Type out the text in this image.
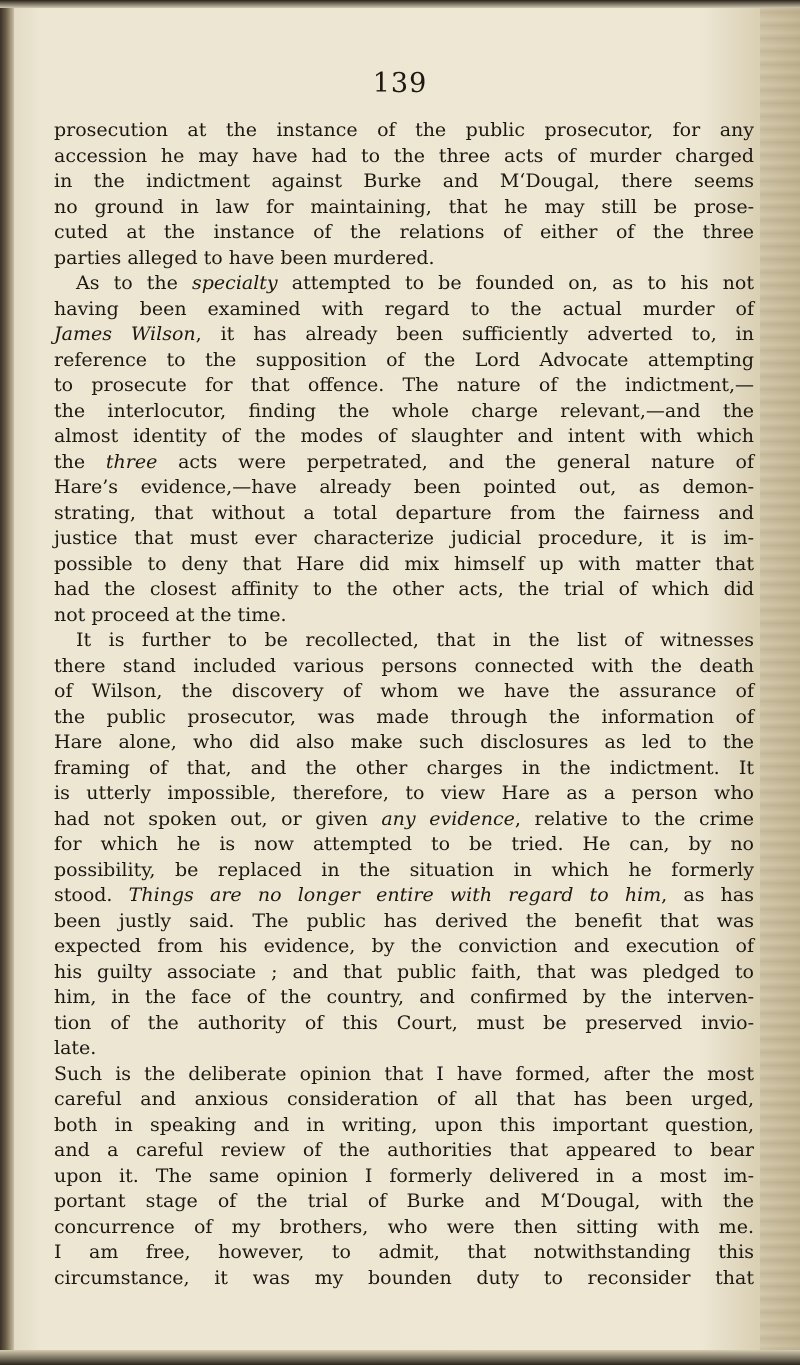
139
prosecution at the instance of the public prosecutor, for any
accession he may have had to the three acts of murder charged
in the indictment against Burke and M‘Dougal, there seems
no ground in law for maintaining, that he may still be prose-
cuted at the instance of the relations of either of the three
parties alleged to have been murdered.
As to the specialty attempted to be founded on, as to his not
having been examined with regard to the actual murder of
James Wilson, it has already been sufficiently adverted to, in
reference to the supposition of the Lord Advocate attempting
to prosecute for that offence. The nature of the indictment,—
the interlocutor, finding the whole charge relevant,—and the
almost identity of the modes of slaughter and intent with which
the three acts were perpetrated, and the general nature of
Hare’s evidence,—have already been pointed out, as demon-
strating, that without a total departure from the fairness and
justice that must ever characterize judicial procedure, it is im-
possible to deny that Hare did mix himself up with matter that
had the closest affinity to the other acts, the trial of which did
not proceed at the time.
It is further to be recollected, that in the list of witnesses
there stand included various persons connected with the death
of Wilson, the discovery of whom we have the assurance of
the public prosecutor, was made through the information of
Hare alone, who did also make such disclosures as led to the
framing of that, and the other charges in the indictment. It
is utterly impossible, therefore, to view Hare as a person who
had not spoken out, or given any evidence, relative to the crime
for which he is now attempted to be tried. He can, by no
possibility, be replaced in the situation in which he formerly
stood. Things are no longer entire with regard to him, as has
been justly said. The public has derived the benefit that was
expected from his evidence, by the conviction and execution of
his guilty associate ; and that public faith, that was pledged to
him, in the face of the country, and confirmed by the interven-
tion of the authority of this Court, must be preserved invio-
late.
Such is the deliberate opinion that I have formed, after the most
careful and anxious consideration of all that has been urged,
both in speaking and in writing, upon this important question,
and a careful review of the authorities that appeared to bear
upon it. The same opinion I formerly delivered in a most im-
portant stage of the trial of Burke and M‘Dougal, with the
concurrence of my brothers, who were then sitting with me.
I am free, however, to admit, that notwithstanding this
circumstance, it was my bounden duty to reconsider that
